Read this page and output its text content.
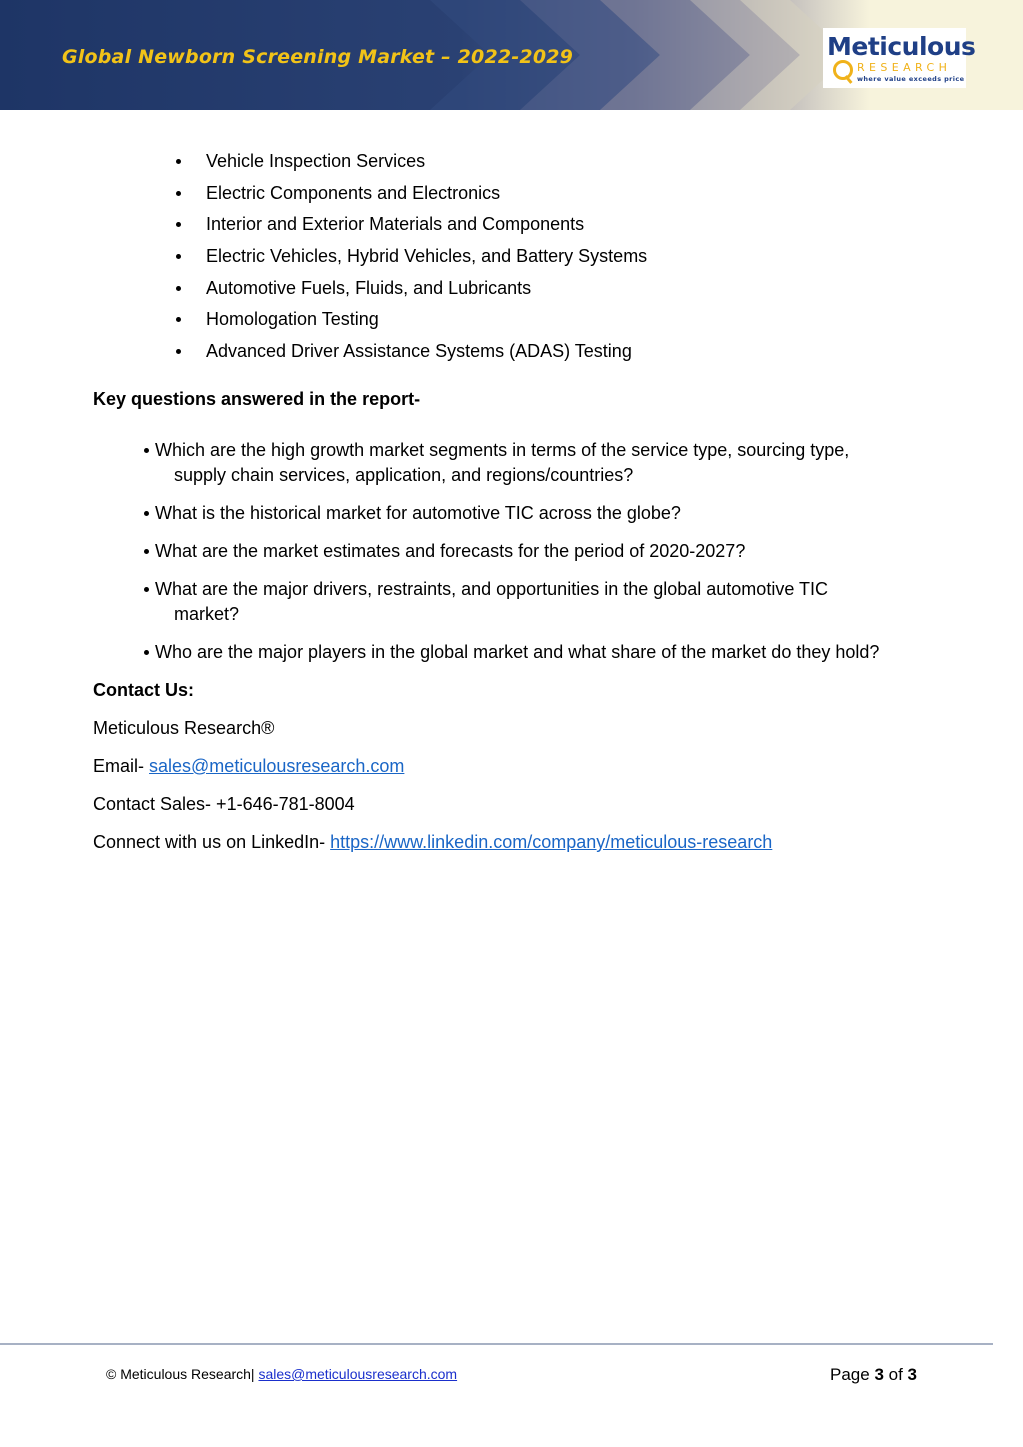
Global Newborn Screening Market – 2022-2029	Meticulous
RESEARCH
where value exceeds price
Vehicle Inspection Services
Electric Components and Electronics
Interior and Exterior Materials and Components
Electric Vehicles, Hybrid Vehicles, and Battery Systems
Automotive Fuels, Fluids, and Lubricants
Homologation Testing
Advanced Driver Assistance Systems (ADAS) Testing
Key questions answered in the report-
Which are the high growth market segments in terms of the service type, sourcing type,
supply chain services, application, and regions/countries?
What is the historical market for automotive TIC across the globe?
What are the market estimates and forecasts for the period of 2020-2027?
What are the major drivers, restraints, and opportunities in the global automotive TIC
market?
Who are the major players in the global market and what share of the market do they hold?

Contact Us:

Meticulous Research®

Email- sales@meticulousresearch.com

Contact Sales- +1-646-781-8004

Connect with us on LinkedIn- https://www.linkedin.com/company/meticulous-research

© Meticulous Research| sales@meticulousresearch.com	Page 3 of 3
